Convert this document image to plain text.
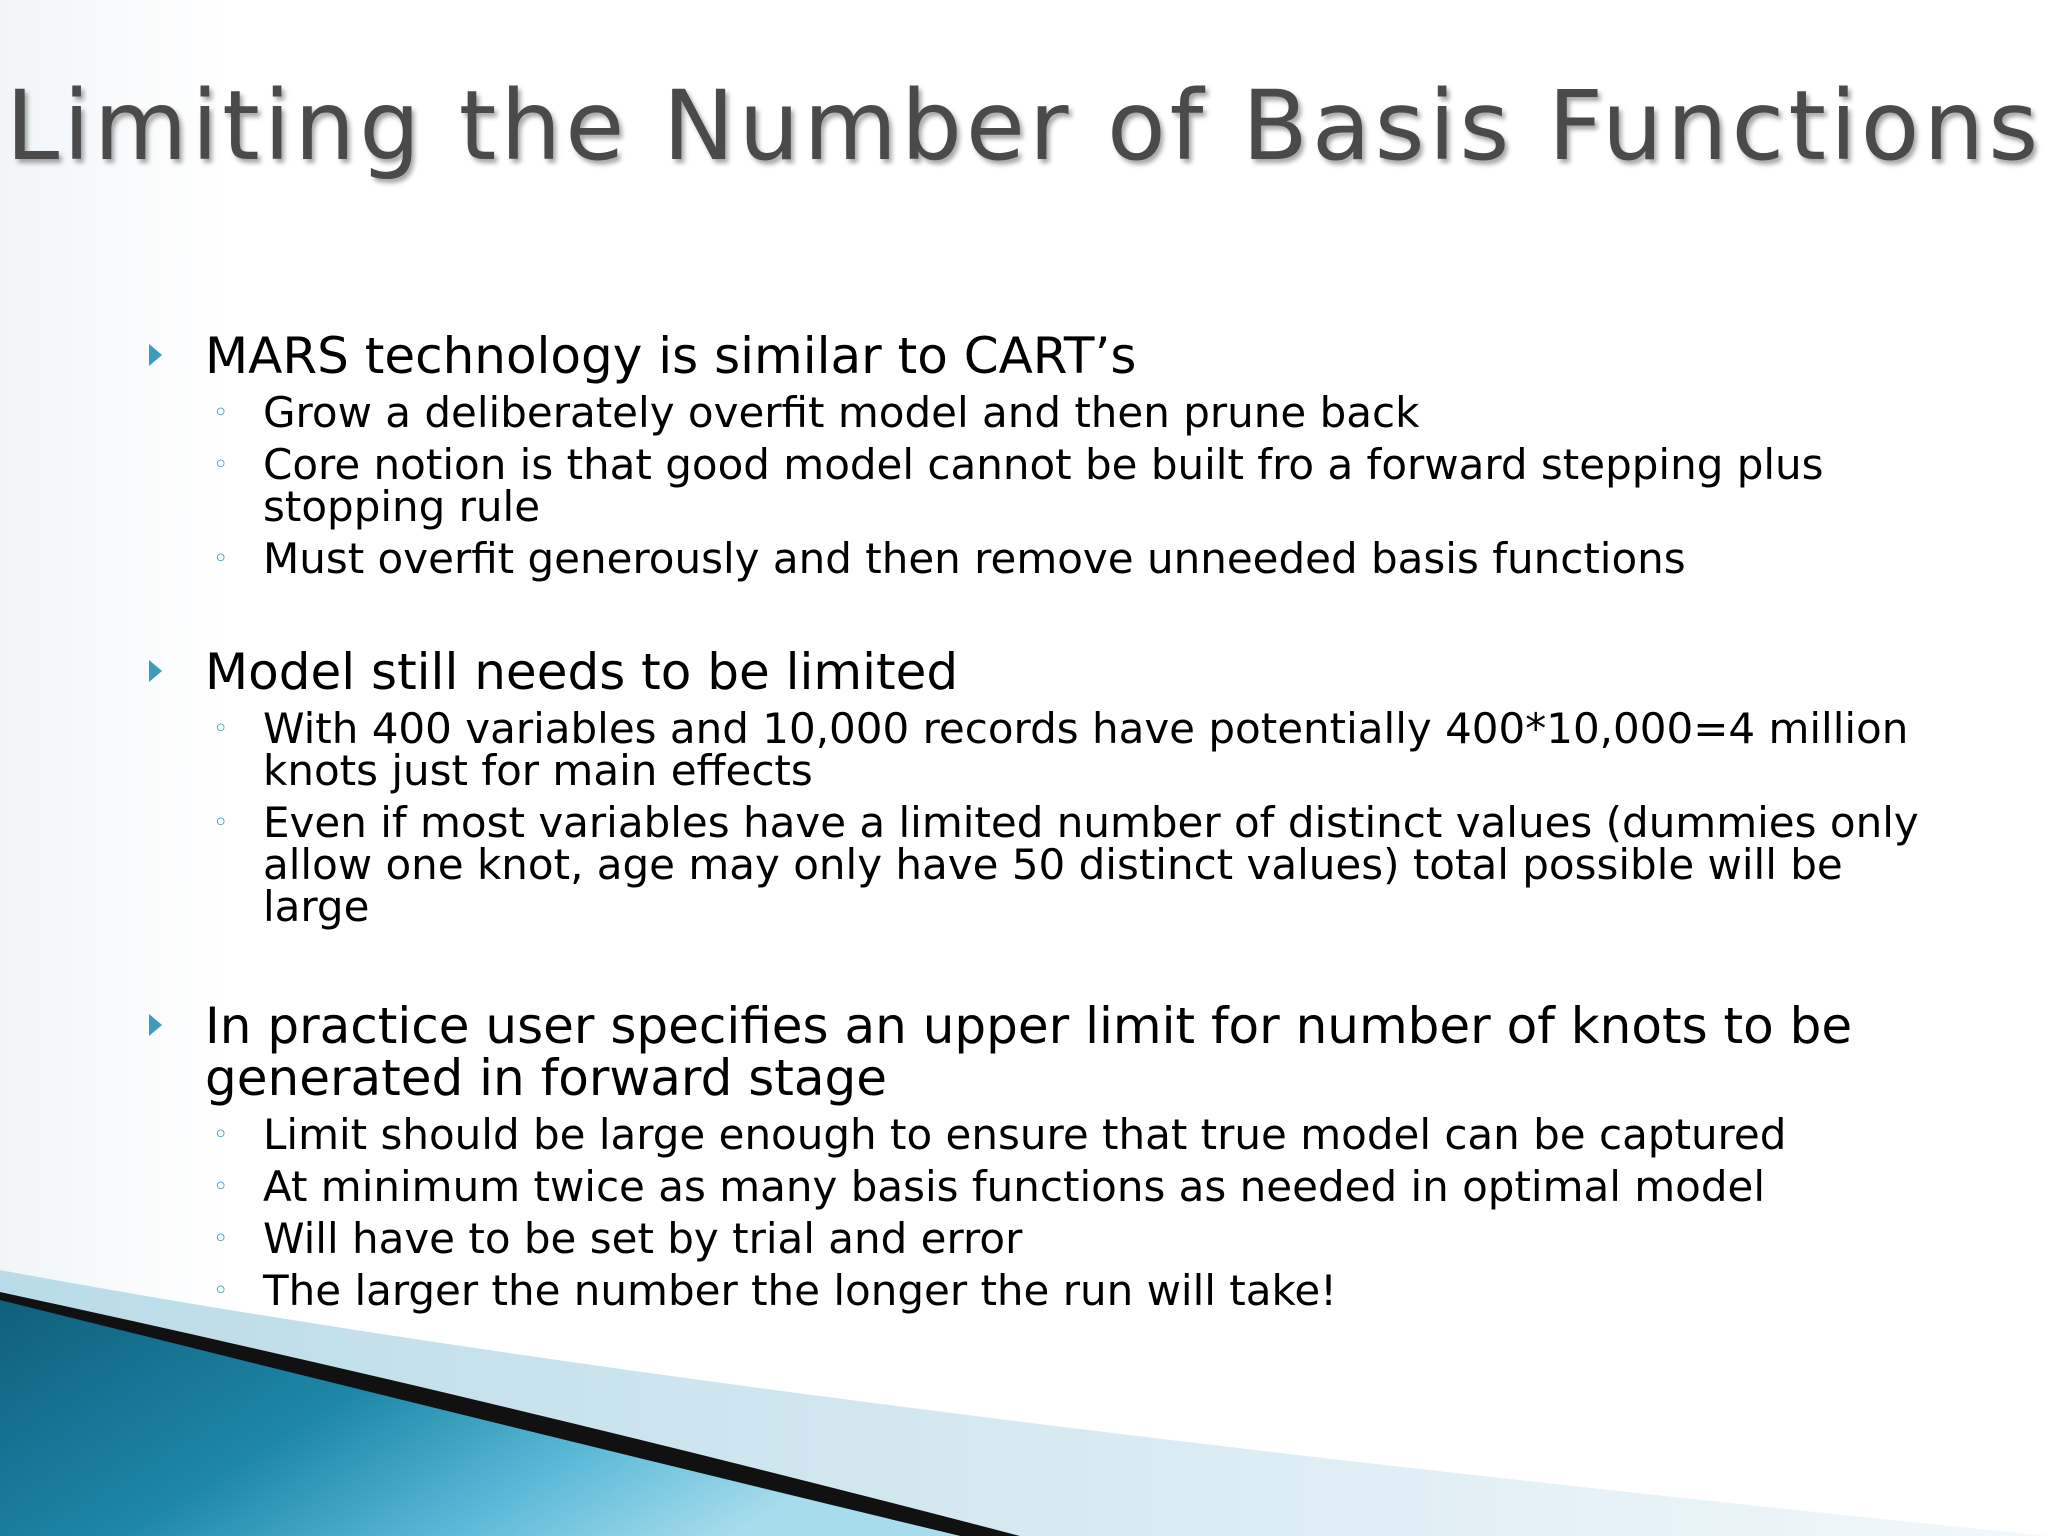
Limiting the Number of Basis Functions
MARS technology is similar to CART’s
◦ Grow a deliberately overfit model and then prune back
◦ Core notion is that good model cannot be built fro a forward stepping plus stopping rule
◦ Must overfit generously and then remove unneeded basis functions
Model still needs to be limited
◦ With 400 variables and 10,000 records have potentially 400*10,000=4 million knots just for main effects
◦ Even if most variables have a limited number of distinct values (dummies only allow one knot, age may only have 50 distinct values) total possible will be large
In practice user specifies an upper limit for number of knots to be generated in forward stage
◦ Limit should be large enough to ensure that true model can be captured
◦ At minimum twice as many basis functions as needed in optimal model
◦ Will have to be set by trial and error
◦ The larger the number the longer the run will take!
